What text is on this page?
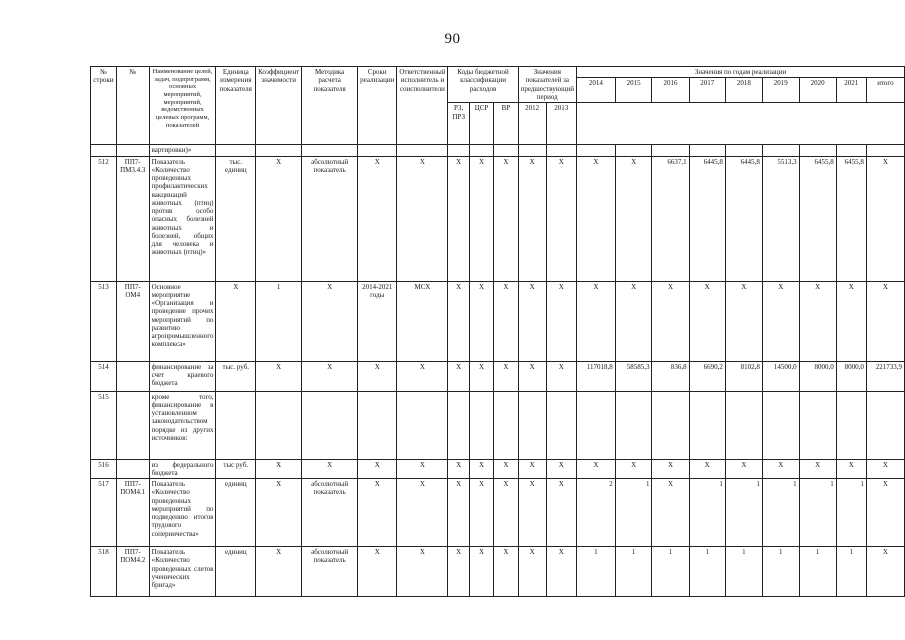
90
№ строки	№	Наименование целей, задач, подпрограмм, основных мероприятий, мероприятий, ведомственных целевых программ, показателей	Единица измерения показателя	Коэффициент значимости	Методика расчета показателя	Сроки реализации	Ответственный исполнитель и соисполнители	Коды бюджетной классификации расходов			Значения показателей за предшествующий период		Значения по годам реализации								
													2014	2015	2016	2017	2018	2019	2020	2021	итого
								РЗ, ПРЗ	ЦСР	ВР	2012	2013									
		вартировки)»																			
512	ПП7-ПМ3.4.3	Показатель «Количество проведенных профилактических вакцинаций животных (птиц) против особо опасных болезней животных и болезней, общих для человека и животных (птиц)»	тыс. единиц	X	абсолютный показатель	X	X	X	X	X	X	X	X	X	6637,1	6445,8	6445,8	5513,3	6455,8	6455,8	X
513	ПП7-ОМ4	Основное мероприятие «Организация и проведение прочих мероприятий по развитию агропромышленного комплекса»	X	1	X	2014-2021 годы	МСХ	X	X	X	X	X	X	X	X	X	X	X	X	X	X
514		финансирование за счет краевого бюджета	тыс. руб.	X	X	X	X	X	X	X	X	X	117018,8	58585,3	836,8	6690,2	8102,8	14500,0	8000,0	8000,0	221733,9
515		кроме того, финансирование в установленном законодательством порядке из других источников:																			
516		из федерального бюджета	тыс руб.	X	X	X	X	X	X	X	X	X	X	X	X	X	X	X	X	X	X
517	ПП7-ПОМ4.1	Показатель «Количество проведенных мероприятий по подведению итогов трудового соперничества»	единиц	X	абсолютный показатель	X	X	X	X	X	X	X	2	1	X	1	1	1	1	1	X
518	ПП7-ПОМ4.2	Показатель «Количество проведенных слетов ученических бригад»	единиц	X	абсолютный показатель	X	X	X	X	X	X	X	1	1	1	1	1	1	1	1	X
